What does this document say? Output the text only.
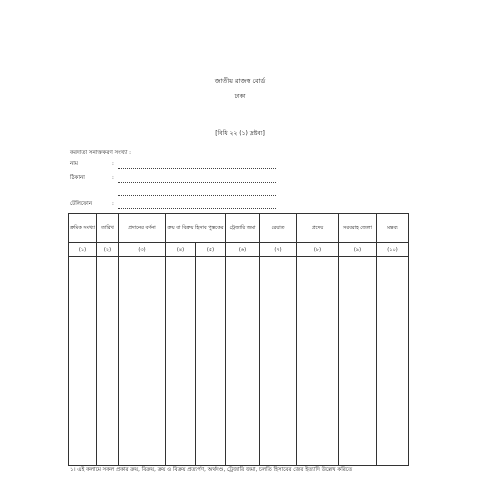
জাতীয় রাজস্ব বোর্ড
ঢাকা
[বিধি ২২ (১) দ্রষ্টব্য]
করদাতা সনাক্তকরণ সংখ্যা :
নাম	:
ঠিকানা	:
টেলিফোন	:
ক্রমিক সংখ্যা	তারিখ	প্রদানের বর্ণনা	ক্রয় বা বিক্রয় হিসাব পুস্তকের		ট্রেজারি জমা	রেয়াত	প্রদেয়	সরবরাহ জেলা	মন্তব্য
(১)	(২)	(৩)	(৪)	(৫)	(৬)	(৭)	(৮)	(৯)	(১০)

১। এই কলামে সকল প্রকার ক্রয়, বিক্রয়, ক্রয় ও বিক্রয় প্রত্যর্পণ, অর্থদণ্ড, ট্রেজারি জমা, চলতি হিসাবের জের ইত্যাদি উল্লেখ করিতে
